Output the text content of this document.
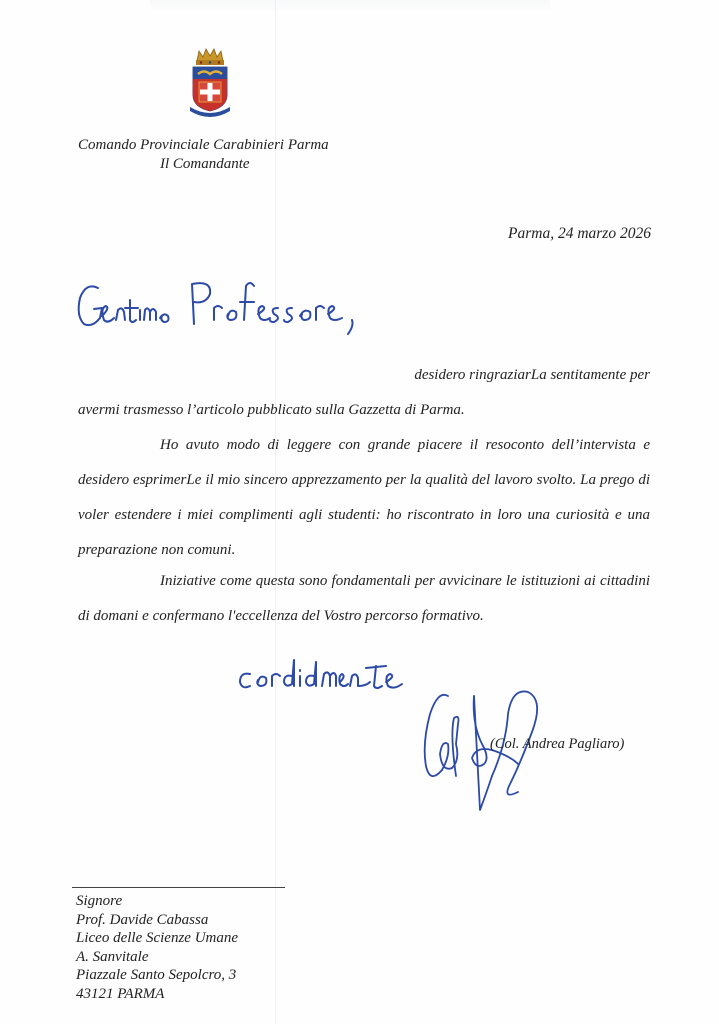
Comando Provinciale Carabinieri Parma
Il Comandante
Parma, 24 marzo 2026
desidero ringraziarLa sentitamente per
avermi trasmesso l’articolo pubblicato sulla Gazzetta di Parma.
Ho avuto modo di leggere con grande piacere il resoconto dell’intervista e desidero esprimerLe il mio sincero apprezzamento per la qualità del lavoro svolto. La prego di voler estendere i miei complimenti agli studenti: ho riscontrato in loro una curiosità e una preparazione non comuni.
Iniziative come questa sono fondamentali per avvicinare le istituzioni ai cittadini di domani e confermano l'eccellenza del Vostro percorso formativo.
(Col. Andrea Pagliaro)
Signore
Prof. Davide Cabassa
Liceo delle Scienze Umane
A. Sanvitale
Piazzale Santo Sepolcro, 3
43121 PARMA
